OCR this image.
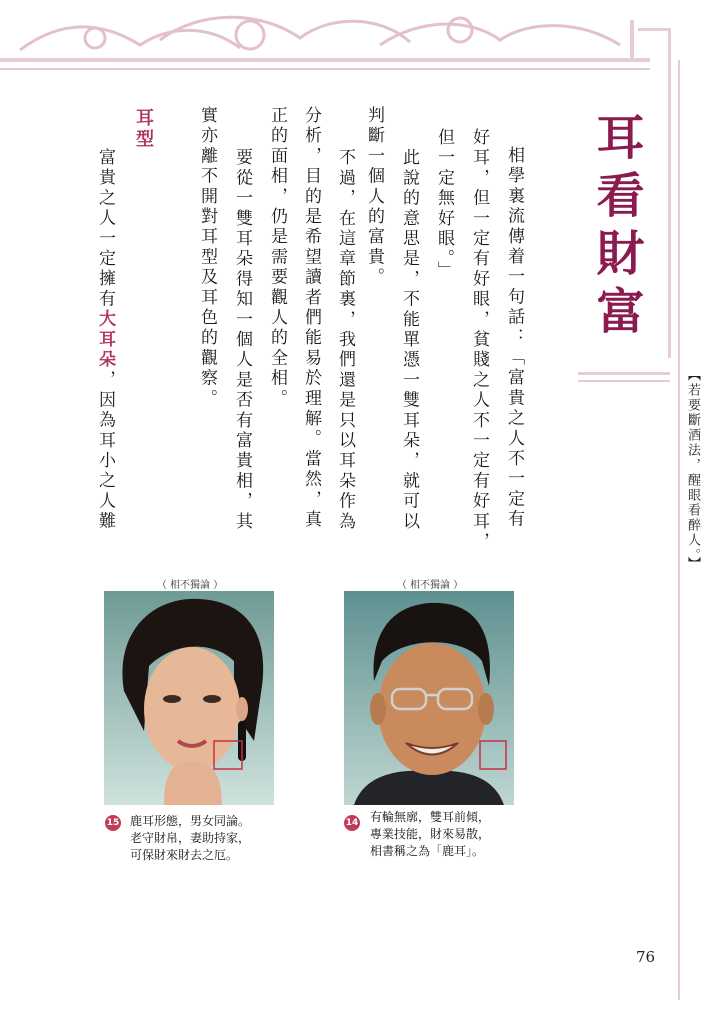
耳看財富
【若要斷酒法，醒眼看醉人。】
相學裏流傳着一句話：「富貴之人不一定有
好耳，但一定有好眼，貧賤之人不一定有好耳，
但一定無好眼。」
　此說的意思是，不能單憑一雙耳朵，就可以
判斷一個人的富貴。
　不過，在這章節裏，我們還是只以耳朵作為
分析，目的是希望讀者們能易於理解。當然，真
正的面相，仍是需要觀人的全相。
　要從一雙耳朵得知一個人是否有富貴相，其
實亦離不開對耳型及耳色的觀察。
耳型
富貴之人一定擁有大耳朵，因為耳小之人難
（ 相不獨論 ）
15 鹿耳形態，男女同論。
老守財帛，妻助持家，
可保財來財去之厄。
（ 相不獨論 ）
14 有輪無廓，雙耳前傾，
專業技能，財來易散，
相書稱之為「鹿耳」。
76
